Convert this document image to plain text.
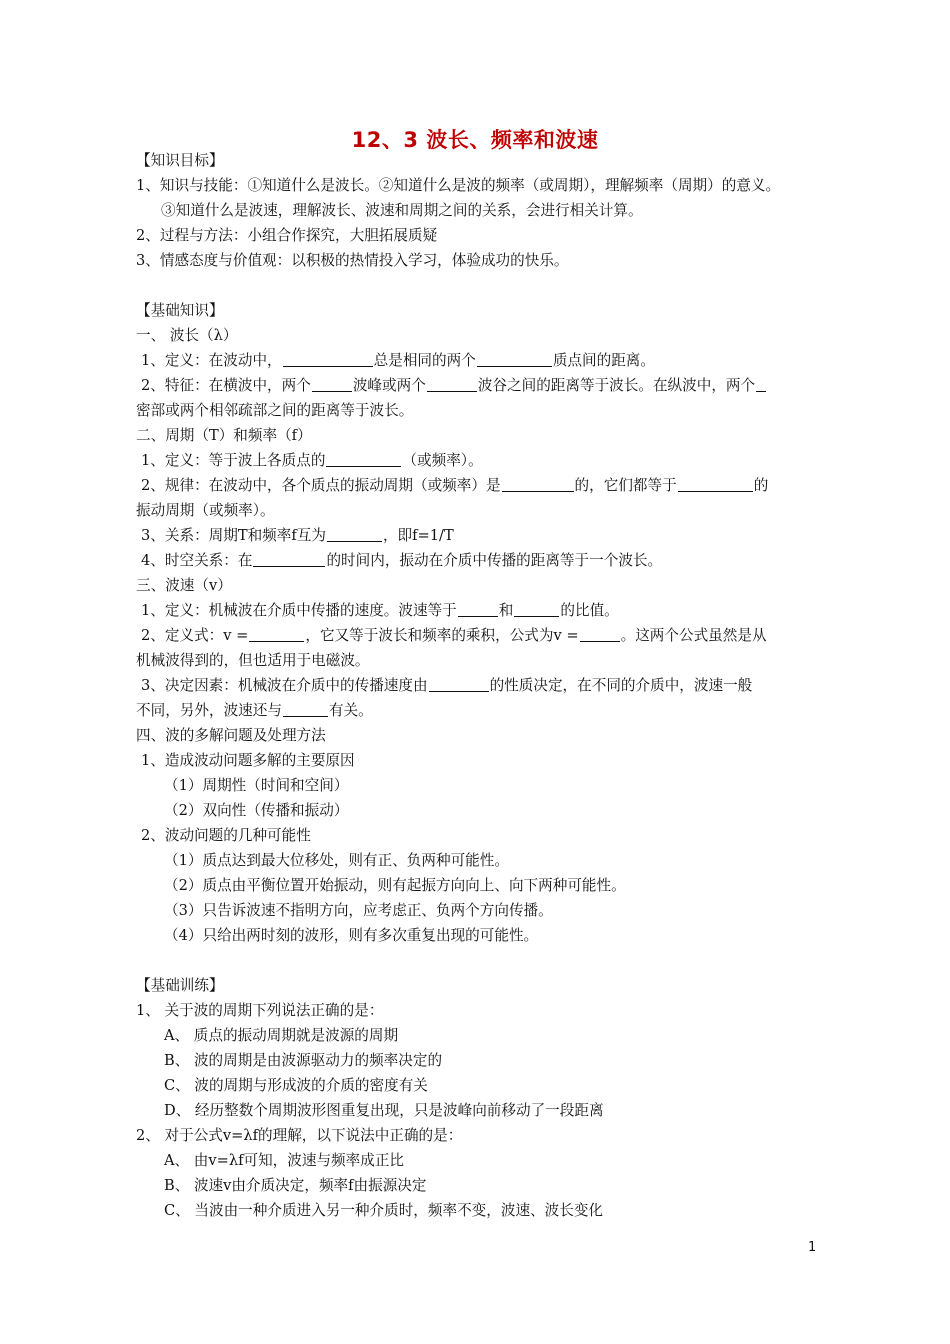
12、3 波长、频率和波速

【知识目标】

1、知识与技能：①知道什么是波长。②知道什么是波的频率（或周期），理解频率（周期）的意义。

③知道什么是波速，理解波长、波速和周期之间的关系，会进行相关计算。

2、过程与方法：小组合作探究，大胆拓展质疑

3、情感态度与价值观：以积极的热情投入学习，体验成功的快乐。

【基础知识】

一、 波长（λ）

1、定义：在波动中，	总是相同的两个	质点间的距离。

2、特征：在横波中，两个	波峰或两个	波谷之间的距离等于波长。在纵波中，两个

密部或两个相邻疏部之间的距离等于波长。

二、周期（T）和频率（f）

1、定义：等于波上各质点的	（或频率）。

2、规律：在波动中，各个质点的振动周期（或频率）是	的，它们都等于	的

振动周期（或频率）。

3、关系：周期T和频率f互为	，即f=1/T

4、时空关系：在	的时间内，振动在介质中传播的距离等于一个波长。

三、波速（v）

1、定义：机械波在介质中传播的速度。波速等于	和	的比值。

2、定义式：v =	，它又等于波长和频率的乘积，公式为v =	。这两个公式虽然是从

机械波得到的，但也适用于电磁波。

3、决定因素：机械波在介质中的传播速度由	的性质决定，在不同的介质中，波速一般

不同，另外，波速还与	有关。

四、波的多解问题及处理方法

1、造成波动问题多解的主要原因

（1）周期性（时间和空间）

（2）双向性（传播和振动）

2、波动问题的几种可能性

（1）质点达到最大位移处，则有正、负两种可能性。

（2）质点由平衡位置开始振动，则有起振方向向上、向下两种可能性。

（3）只告诉波速不指明方向，应考虑正、负两个方向传播。

（4）只给出两时刻的波形，则有多次重复出现的可能性。

【基础训练】

1、 关于波的周期下列说法正确的是：

A、 质点的振动周期就是波源的周期

B、 波的周期是由波源驱动力的频率决定的

C、 波的周期与形成波的介质的密度有关

D、 经历整数个周期波形图重复出现，只是波峰向前移动了一段距离

2、 对于公式v=λf的理解，以下说法中正确的是：

A、 由v=λf可知，波速与频率成正比

B、 波速v由介质决定，频率f由振源决定

C、 当波由一种介质进入另一种介质时，频率不变，波速、波长变化

1
